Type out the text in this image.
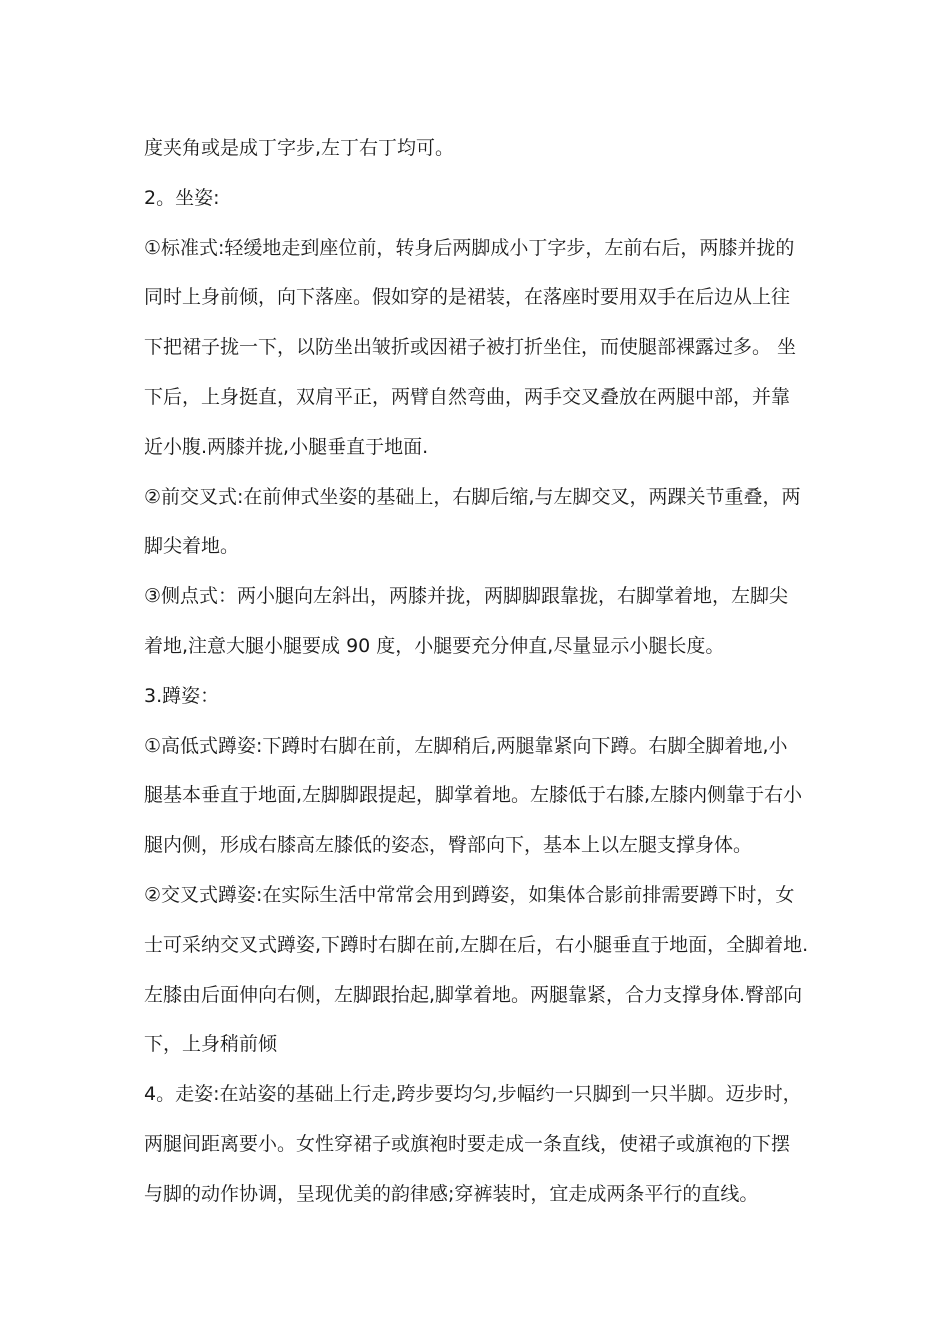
度夹角或是成丁字步,左丁右丁均可。
2。坐姿:
①标准式:轻缓地走到座位前，转身后两脚成小丁字步，左前右后，两膝并拢的
同时上身前倾，向下落座。假如穿的是裙装，在落座时要用双手在后边从上往
下把裙子拢一下，以防坐出皱折或因裙子被打折坐住，而使腿部裸露过多。 坐
下后，上身挺直，双肩平正，两臂自然弯曲，两手交叉叠放在两腿中部，并靠
近小腹.两膝并拢,小腿垂直于地面.
②前交叉式:在前伸式坐姿的基础上，右脚后缩,与左脚交叉，两踝关节重叠，两
脚尖着地。
③侧点式：两小腿向左斜出，两膝并拢，两脚脚跟靠拢，右脚掌着地，左脚尖
着地,注意大腿小腿要成 90 度，小腿要充分伸直,尽量显示小腿长度。
3.蹲姿：
①高低式蹲姿:下蹲时右脚在前，左脚稍后,两腿靠紧向下蹲。右脚全脚着地,小
腿基本垂直于地面,左脚脚跟提起，脚掌着地。左膝低于右膝,左膝内侧靠于右小
腿内侧，形成右膝高左膝低的姿态，臀部向下，基本上以左腿支撑身体。
②交叉式蹲姿:在实际生活中常常会用到蹲姿，如集体合影前排需要蹲下时，女
士可采纳交叉式蹲姿,下蹲时右脚在前,左脚在后，右小腿垂直于地面，全脚着地.
左膝由后面伸向右侧，左脚跟抬起,脚掌着地。两腿靠紧，合力支撑身体.臀部向
下，上身稍前倾
4。走姿:在站姿的基础上行走,跨步要均匀,步幅约一只脚到一只半脚。迈步时，
两腿间距离要小。女性穿裙子或旗袍时要走成一条直线，使裙子或旗袍的下摆
与脚的动作协调，呈现优美的韵律感;穿裤装时，宜走成两条平行的直线。
